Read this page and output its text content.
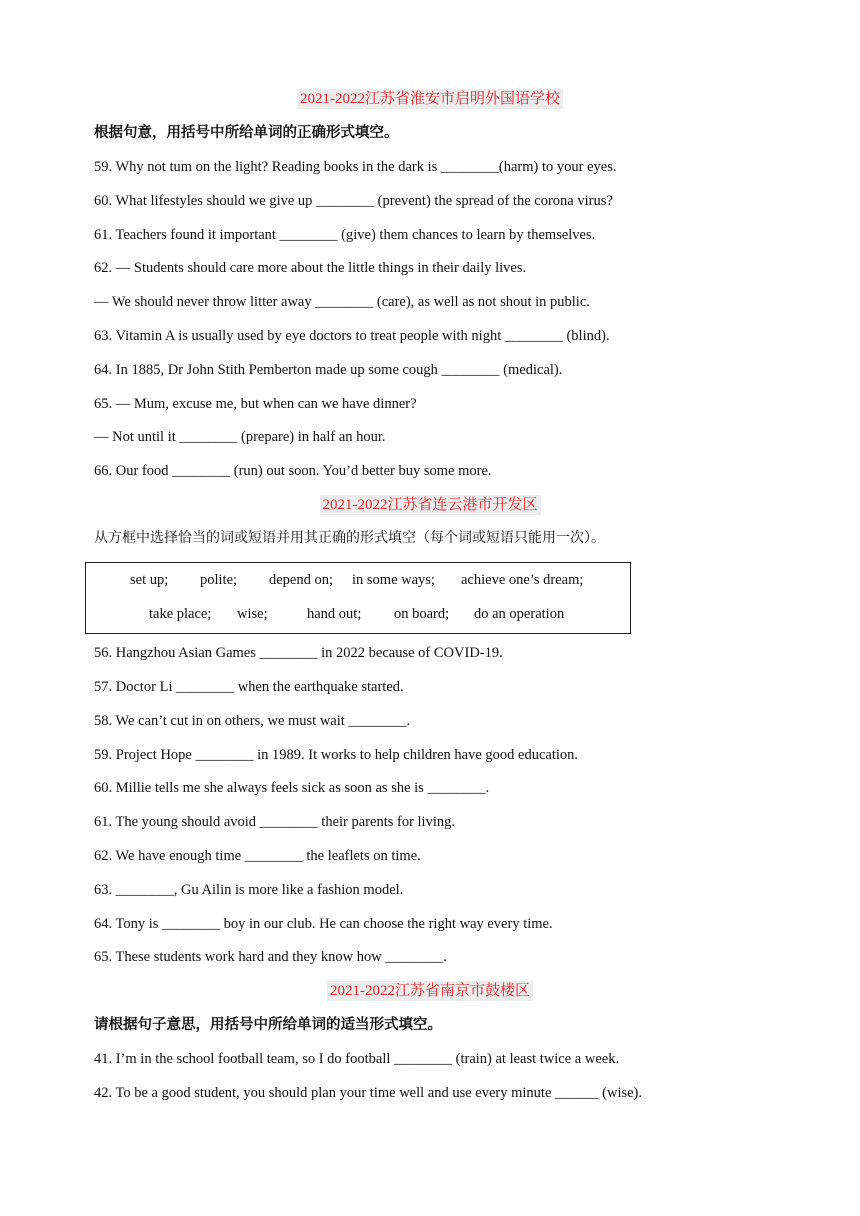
2021-2022江苏省淮安市启明外国语学校
根据句意，用括号中所给单词的正确形式填空。
59. Why not tum on the light? Reading books in the dark is ________(harm) to your eyes.
60. What lifestyles should we give up ________ (prevent) the spread of the corona virus?
61. Teachers found it important ________ (give) them chances to learn by themselves.
62. — Students should care more about the little things in their daily lives.
— We should never throw litter away ________ (care), as well as not shout in public.
63. Vitamin A is usually used by eye doctors to treat people with night ________ (blind).
64. In 1885, Dr John Stith Pemberton made up some cough ________ (medical).
65. — Mum, excuse me, but when can we have dinner?
— Not until it ________ (prepare) in half an hour.
66. Our food ________ (run) out soon. You’d better buy some more.
2021-2022江苏省连云港市开发区
从方框中选择恰当的词或短语并用其正确的形式填空（每个词或短语只能用一次）。
set up; polite; depend on; in some ways; achieve one’s dream;
take place; wise;	hand out; on board; do an operation
56. Hangzhou Asian Games ________ in 2022 because of COVID-19.
57. Doctor Li ________ when the earthquake started.
58. We can’t cut in on others, we must wait ________.
59. Project Hope ________ in 1989. It works to help children have good education.
60. Millie tells me she always feels sick as soon as she is ________.
61. The young should avoid ________ their parents for living.
62. We have enough time ________ the leaflets on time.
63. ________, Gu Ailin is more like a fashion model.
64. Tony is ________ boy in our club. He can choose the right way every time.
65. These students work hard and they know how ________.
2021-2022江苏省南京市鼓楼区
请根据句子意思，用括号中所给单词的适当形式填空。
41. I’m in the school football team, so I do football ________ (train) at least twice a week.
42. To be a good student, you should plan your time well and use every minute ______ (wise).
